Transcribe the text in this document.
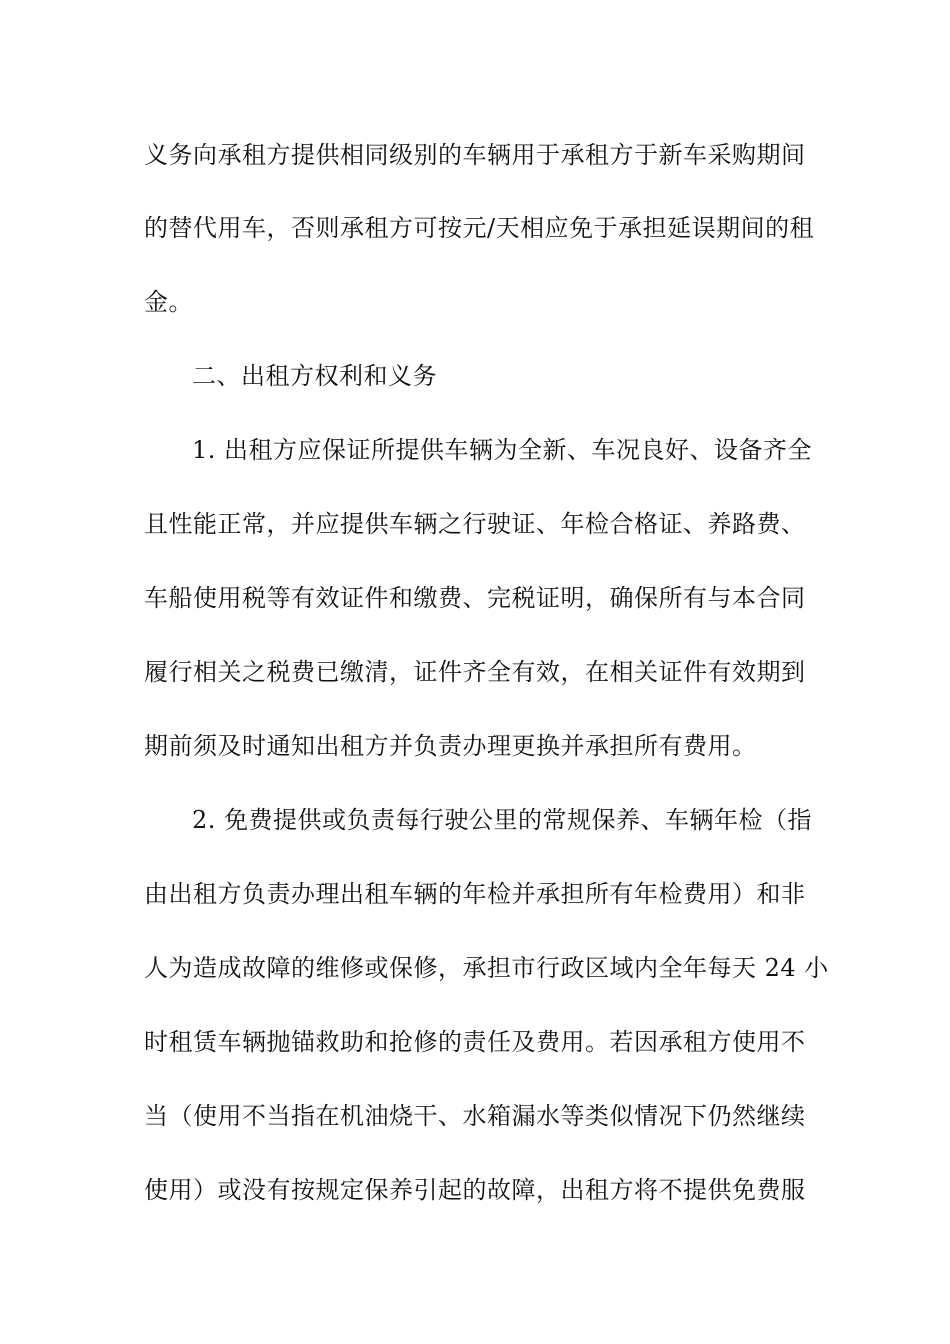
义务向承租方提供相同级别的车辆用于承租方于新车采购期间
的替代用车，否则承租方可按元/天相应免于承担延误期间的租
金。
二、出租方权利和义务
1. 出租方应保证所提供车辆为全新、车况良好、设备齐全
且性能正常，并应提供车辆之行驶证、年检合格证、养路费、
车船使用税等有效证件和缴费、完税证明，确保所有与本合同
履行相关之税费已缴清，证件齐全有效，在相关证件有效期到
期前须及时通知出租方并负责办理更换并承担所有费用。
2. 免费提供或负责每行驶公里的常规保养、车辆年检（指
由出租方负责办理出租车辆的年检并承担所有年检费用）和非
人为造成故障的维修或保修，承担市行政区域内全年每天 24 小
时租赁车辆抛锚救助和抢修的责任及费用。若因承租方使用不
当（使用不当指在机油烧干、水箱漏水等类似情况下仍然继续
使用）或没有按规定保养引起的故障，出租方将不提供免费服
